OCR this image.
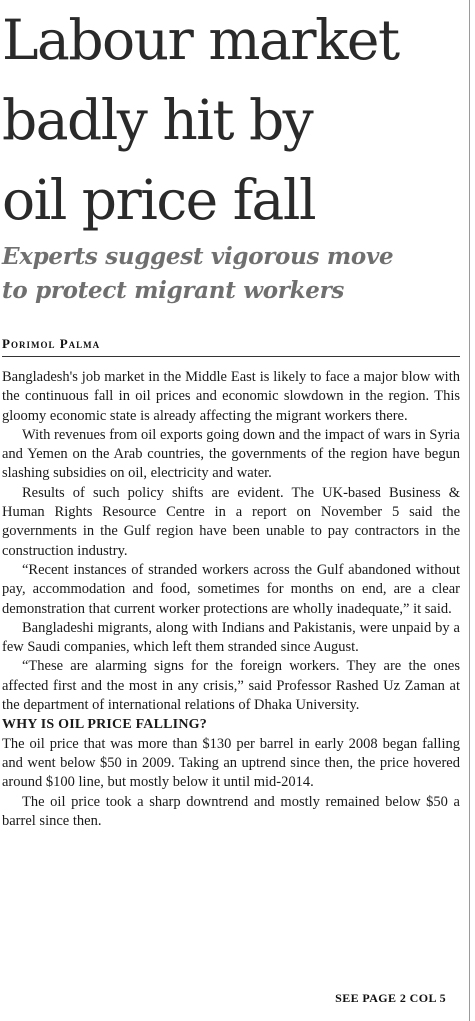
Labour market
badly hit by
oil price fall
Experts suggest vigorous move
to protect migrant workers
Porimol Palma

Bangladesh's job market in the Middle East is likely to face a major blow with the continuous fall in oil prices and economic slowdown in the region. This gloomy economic state is already affecting the migrant workers there.

With revenues from oil exports going down and the impact of wars in Syria and Yemen on the Arab countries, the governments of the region have begun slashing subsidies on oil, electricity and water.

Results of such policy shifts are evident. The UK-based Business & Human Rights Resource Centre in a report on November 5 said the governments in the Gulf region have been unable to pay contractors in the construction industry.

“Recent instances of stranded workers across the Gulf abandoned without pay, accommodation and food, sometimes for months on end, are a clear demonstration that current worker protections are wholly inadequate,” it said.

Bangladeshi migrants, along with Indians and Pakistanis, were unpaid by a few Saudi companies, which left them stranded since August.

“These are alarming signs for the foreign workers. They are the ones affected first and the most in any crisis,” said Professor Rashed Uz Zaman at the department of international relations of Dhaka University.

WHY IS OIL PRICE FALLING?

The oil price that was more than $130 per barrel in early 2008 began falling and went below $50 in 2009. Taking an uptrend since then, the price hovered around $100 line, but mostly below it until mid-2014.

The oil price took a sharp downtrend and mostly remained below $50 a barrel since then.

SEE PAGE 2 COL 5
